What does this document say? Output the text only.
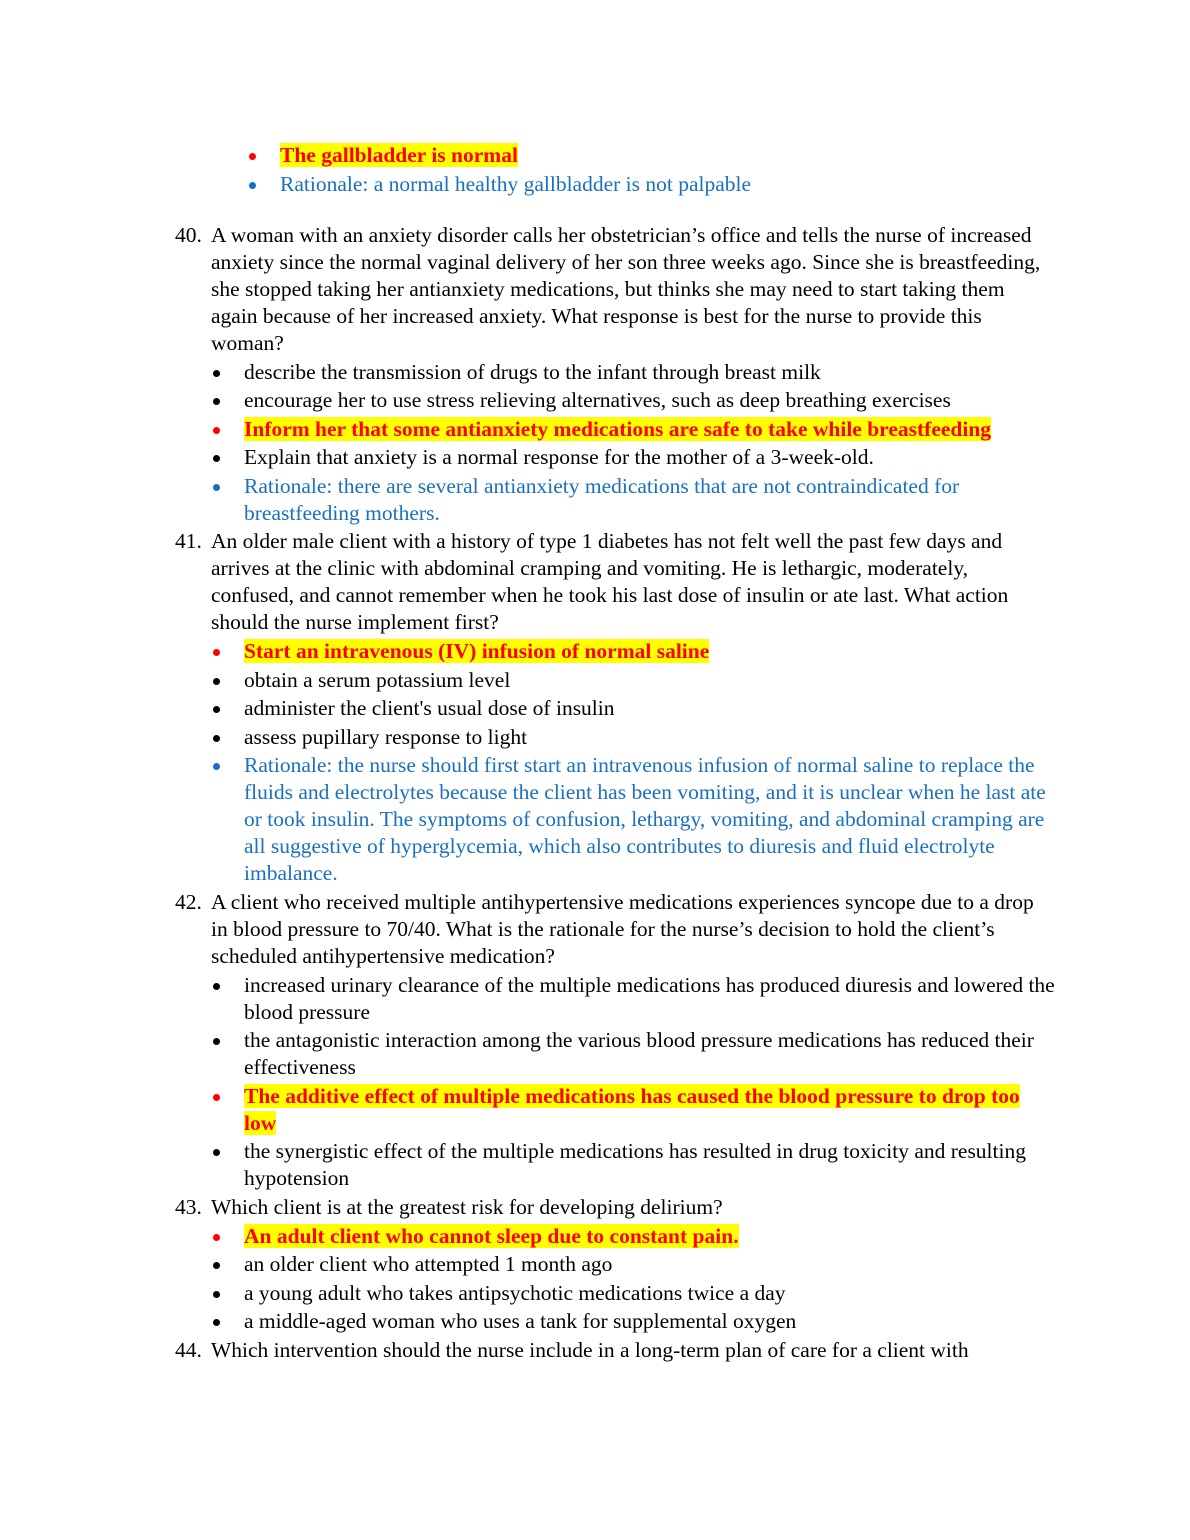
The gallbladder is normal
Rationale: a normal healthy gallbladder is not palpable
40. A woman with an anxiety disorder calls her obstetrician’s office and tells the nurse of increased anxiety since the normal vaginal delivery of her son three weeks ago. Since she is breastfeeding, she stopped taking her antianxiety medications, but thinks she may need to start taking them again because of her increased anxiety. What response is best for the nurse to provide this woman?
describe the transmission of drugs to the infant through breast milk
encourage her to use stress relieving alternatives, such as deep breathing exercises
Inform her that some antianxiety medications are safe to take while breastfeeding
Explain that anxiety is a normal response for the mother of a 3-week-old.
Rationale: there are several antianxiety medications that are not contraindicated for breastfeeding mothers.
41. An older male client with a history of type 1 diabetes has not felt well the past few days and arrives at the clinic with abdominal cramping and vomiting. He is lethargic, moderately, confused, and cannot remember when he took his last dose of insulin or ate last. What action should the nurse implement first?
Start an intravenous (IV) infusion of normal saline
obtain a serum potassium level
administer the client's usual dose of insulin
assess pupillary response to light
Rationale: the nurse should first start an intravenous infusion of normal saline to replace the fluids and electrolytes because the client has been vomiting, and it is unclear when he last ate or took insulin. The symptoms of confusion, lethargy, vomiting, and abdominal cramping are all suggestive of hyperglycemia, which also contributes to diuresis and fluid electrolyte imbalance.
42. A client who received multiple antihypertensive medications experiences syncope due to a drop in blood pressure to 70/40. What is the rationale for the nurse’s decision to hold the client’s scheduled antihypertensive medication?
increased urinary clearance of the multiple medications has produced diuresis and lowered the blood pressure
the antagonistic interaction among the various blood pressure medications has reduced their effectiveness
The additive effect of multiple medications has caused the blood pressure to drop too low
the synergistic effect of the multiple medications has resulted in drug toxicity and resulting hypotension
43. Which client is at the greatest risk for developing delirium?
An adult client who cannot sleep due to constant pain.
an older client who attempted 1 month ago
a young adult who takes antipsychotic medications twice a day
a middle-aged woman who uses a tank for supplemental oxygen
44. Which intervention should the nurse include in a long-term plan of care for a client with
